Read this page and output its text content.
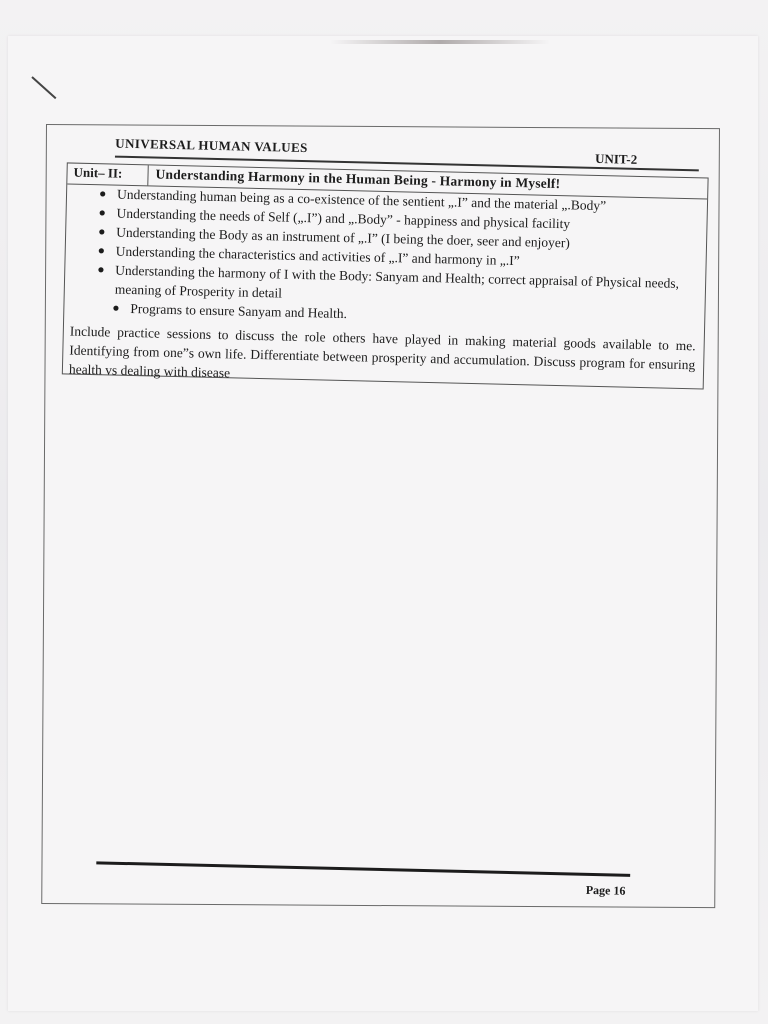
UNIVERSAL HUMAN VALUES
UNIT-2
Unit– II: Understanding Harmony in the Human Being - Harmony in Myself!
● Understanding human being as a co-existence of the sentient „.I” and the material „.Body”
● Understanding the needs of Self („.I”) and „.Body” - happiness and physical facility
● Understanding the Body as an instrument of „.I” (I being the doer, seer and enjoyer)
● Understanding the characteristics and activities of „.I” and harmony in „.I”
● Understanding the harmony of I with the Body: Sanyam and Health; correct appraisal of Physical needs, meaning of Prosperity in detail
● Programs to ensure Sanyam and Health.
Include practice sessions to discuss the role others have played in making material goods available to me. Identifying from one”s own life. Differentiate between prosperity and accumulation. Discuss program for ensuring health vs dealing with disease
Page 16
